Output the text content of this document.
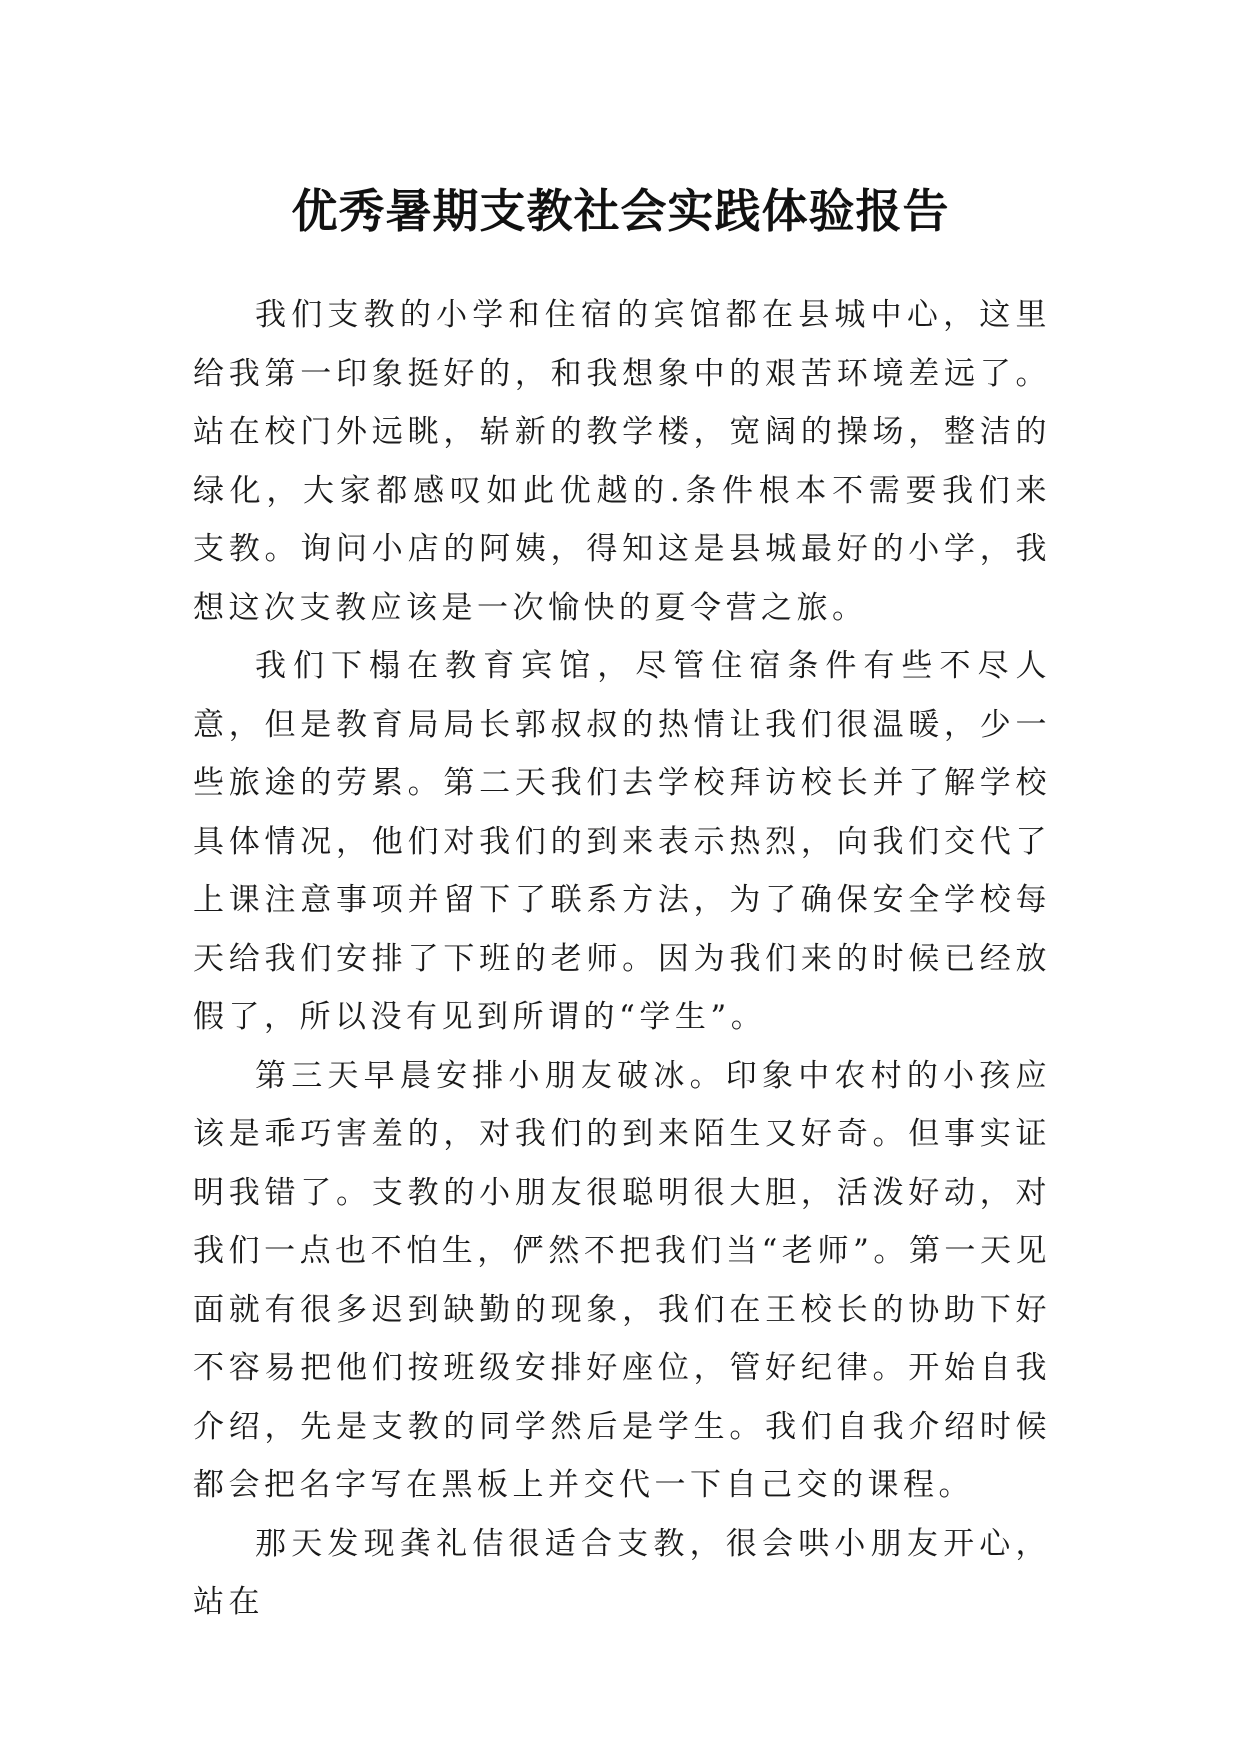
优秀暑期支教社会实践体验报告

我们支教的小学和住宿的宾馆都在县城中心，这里给我第一印象挺好的，和我想象中的艰苦环境差远了。站在校门外远眺，崭新的教学楼，宽阔的操场，整洁的绿化，大家都感叹如此优越的.条件根本不需要我们来支教。询问小店的阿姨，得知这是县城最好的小学，我想这次支教应该是一次愉快的夏令营之旅。

我们下榻在教育宾馆，尽管住宿条件有些不尽人意，但是教育局局长郭叔叔的热情让我们很温暖，少一些旅途的劳累。第二天我们去学校拜访校长并了解学校具体情况，他们对我们的到来表示热烈，向我们交代了上课注意事项并留下了联系方法，为了确保安全学校每天给我们安排了下班的老师。因为我们来的时候已经放假了，所以没有见到所谓的“学生”。

第三天早晨安排小朋友破冰。印象中农村的小孩应该是乖巧害羞的，对我们的到来陌生又好奇。但事实证明我错了。支教的小朋友很聪明很大胆，活泼好动，对我们一点也不怕生，俨然不把我们当“老师”。第一天见面就有很多迟到缺勤的现象，我们在王校长的协助下好不容易把他们按班级安排好座位，管好纪律。开始自我介绍，先是支教的同学然后是学生。我们自我介绍时候都会把名字写在黑板上并交代一下自己交的课程。

那天发现龚礼佶很适合支教，很会哄小朋友开心，站在
